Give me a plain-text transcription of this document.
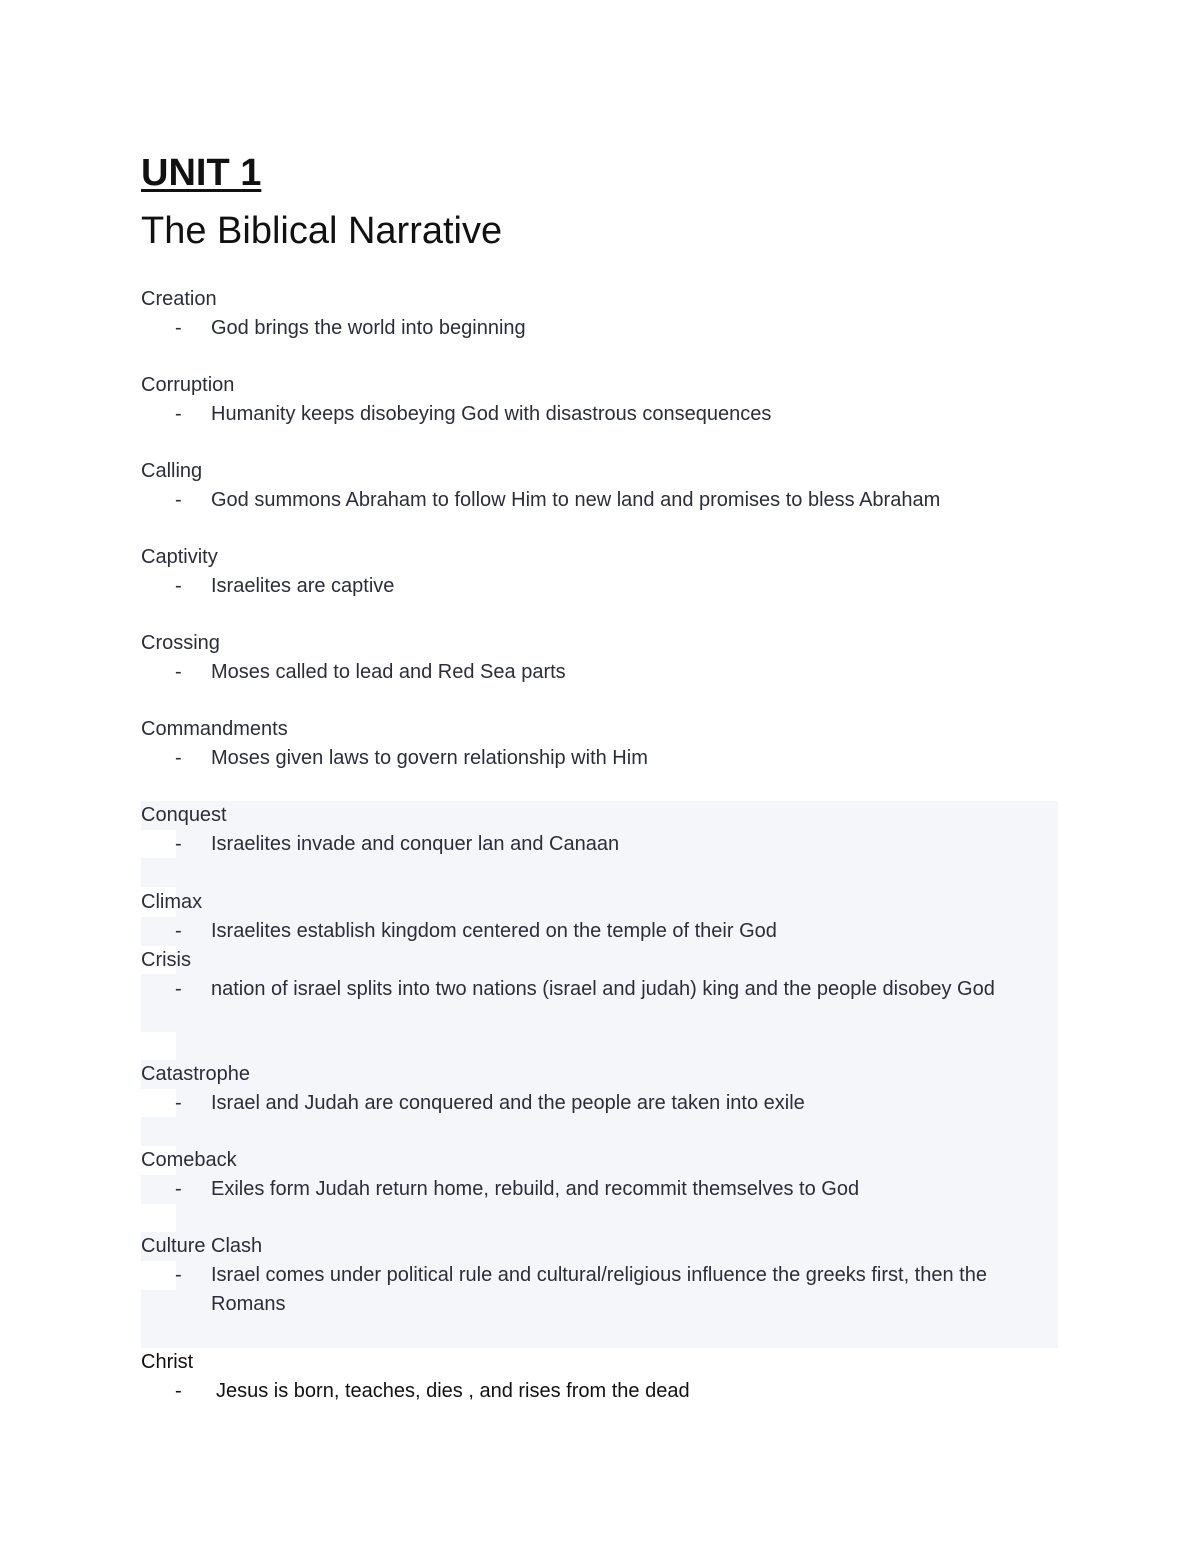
UNIT 1
The Biblical Narrative
Creation
- God brings the world into beginning
Corruption
- Humanity keeps disobeying God with disastrous consequences
Calling
- God summons Abraham to follow Him to new land and promises to bless Abraham
Captivity
- Israelites are captive
Crossing
- Moses called to lead and Red Sea parts
Commandments
- Moses given laws to govern relationship with Him
Conquest
- Israelites invade and conquer lan and Canaan
Climax
- Israelites establish kingdom centered on the temple of their God
Crisis
- nation of israel splits into two nations (israel and judah) king and the people disobey God
Catastrophe
- Israel and Judah are conquered and the people are taken into exile
Comeback
- Exiles form Judah return home, rebuild, and recommit themselves to God
Culture Clash
- Israel comes under political rule and cultural/religious influence the greeks first, then the Romans
Christ
- Jesus is born, teaches, dies , and rises from the dead
